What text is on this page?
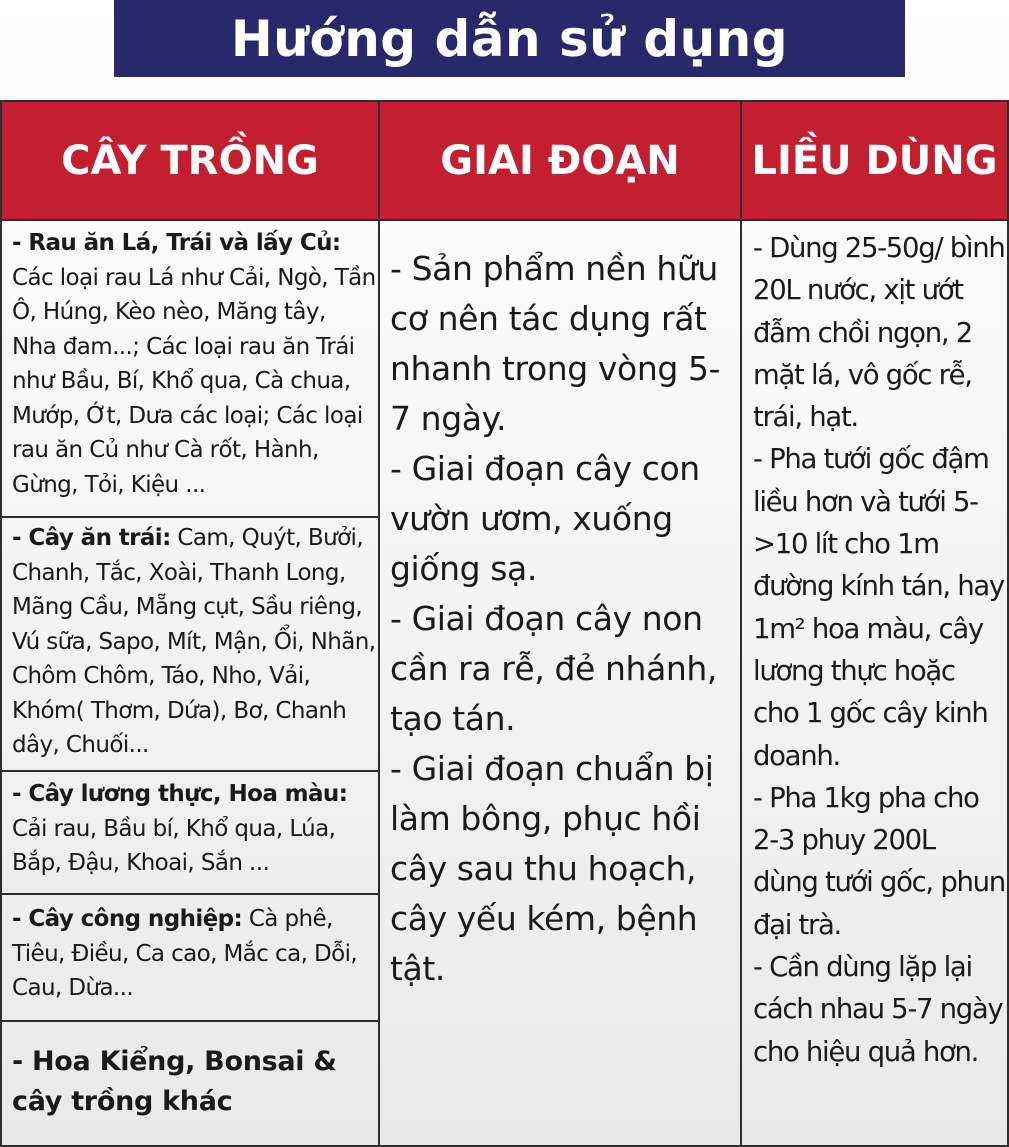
Hướng dẫn sử dụng
CÂY TRỒNG	GIAI ĐOẠN	LIỀU DÙNG
- Rau ăn Lá, Trái và lấy Củ: Các loại rau Lá như Cải, Ngò, Tần Ô, Húng, Kèo nèo, Măng tây, Nha đam...; Các loại rau ăn Trái như Bầu, Bí, Khổ qua, Cà chua, Mướp, Ớt, Dưa các loại; Các loại rau ăn Củ như Cà rốt, Hành, Gừng, Tỏi, Kiệu ...
- Cây ăn trái: Cam, Quýt, Bưởi, Chanh, Tắc, Xoài, Thanh Long, Mãng Cầu, Mẵng cụt, Sầu riêng, Vú sữa, Sapo, Mít, Mận, Ổi, Nhãn, Chôm Chôm, Táo, Nho, Vải, Khóm( Thơm, Dứa), Bơ, Chanh dây, Chuối...
- Cây lương thực, Hoa màu: Cải rau, Bầu bí, Khổ qua, Lúa, Bắp, Đậu, Khoai, Sắn ...
- Cây công nghiệp: Cà phê, Tiêu, Điều, Ca cao, Mắc ca, Dỗi, Cau, Dừa...
- Hoa Kiểng, Bonsai & cây trồng khác
- Sản phẩm nền hữu cơ nên tác dụng rất nhanh trong vòng 5-7 ngày.
- Giai đoạn cây con vườn ươm, xuống giống sạ.
- Giai đoạn cây non cần ra rễ, đẻ nhánh, tạo tán.
- Giai đoạn chuẩn bị làm bông, phục hồi cây sau thu hoạch, cây yếu kém, bệnh tật.
- Dùng 25-50g/ bình 20L nước, xịt ướt đẫm chồi ngọn, 2 mặt lá, vô gốc rễ, trái, hạt.
- Pha tưới gốc đậm liều hơn và tưới 5->10 lít cho 1m đường kính tán, hay 1m² hoa màu, cây lương thực hoặc cho 1 gốc cây kinh doanh.
- Pha 1kg pha cho 2-3 phuy 200L dùng tưới gốc, phun đại trà.
- Cần dùng lặp lại cách nhau 5-7 ngày cho hiệu quả hơn.
